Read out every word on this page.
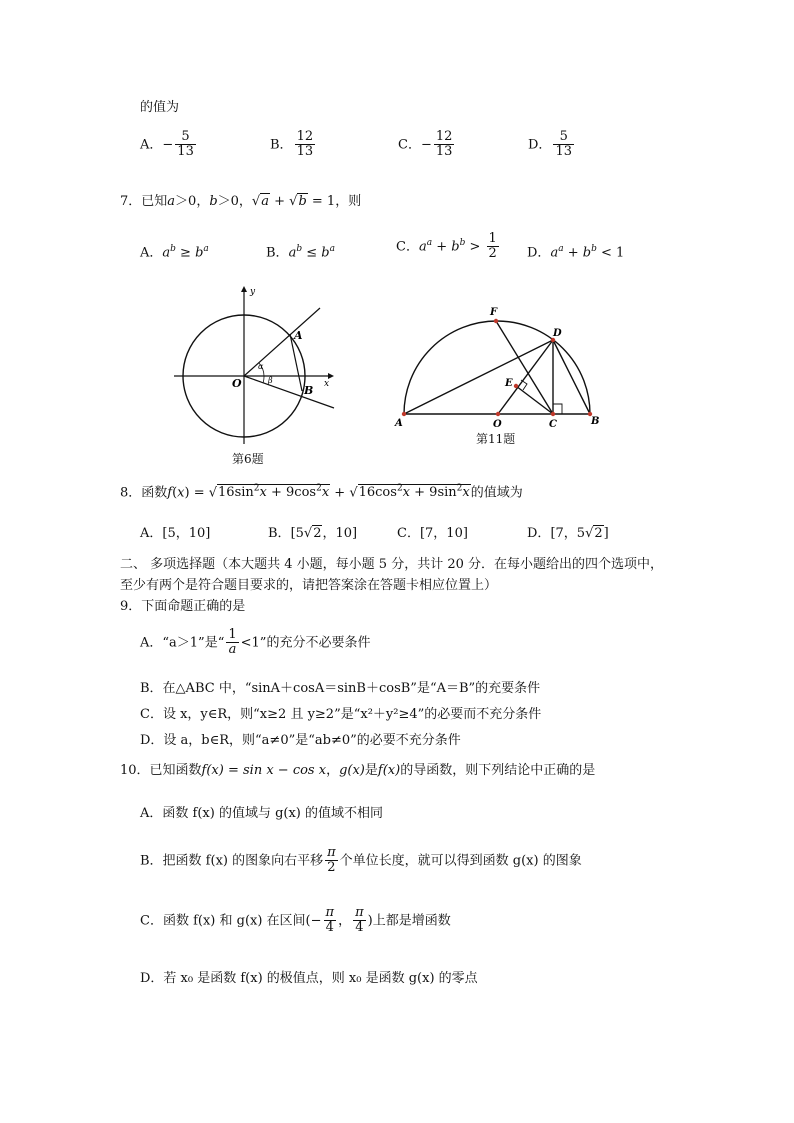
的值为
A．− $\frac{5}{13}$	B． $\frac{12}{13}$	C．− $\frac{12}{13}$	D． $\frac{5}{13}$
7．已知a＞0，b＞0，√a + √b = 1，则
A．$a^b \ge b^a$	B．$a^b \le b^a$	C．$a^a + b^b > \frac{1}{2}$ D．$a^a + b^b < 1$
y
x
O
A
B
α
β
第6题
F
D
E
A	O	C	B
第11题
8．函数$f(x) = √16\sin^2x + 9\cos^2x + √16\cos^2x + 9\sin^2x$的值域为
A．[5，10]	B．[5√2，10]	C．[7，10]	D．[7，5√2]
二、 多项选择题（本大题共 4 小题，每小题 5 分，共计 20 分．在每小题给出的四个选项中，
至少有两个是符合题目要求的，请把答案涂在答题卡相应位置上）
9．下面命题正确的是
A．“a＞1”是“ $\frac{1}{a} <1$”的充分不必要条件
B．在△ABC 中，“sinA＋cosA＝sinB＋cosB”是“A＝B”的充要条件
C．设 x，y∈R，则“x≥2 且 y≥2”是“x²＋y²≥4”的必要而不充分条件
D．设 a，b∈R，则“a≠0”是“ab≠0”的必要不充分条件
10．已知函数f(x) = sin x − cos x，g(x)是f(x)的导函数，则下列结论中正确的是
A．函数 f(x) 的值域与 g(x) 的值域不相同
B．把函数 f(x) 的图象向右平移 $\frac{\pi}{2}$ 个单位长度，就可以得到函数 g(x) 的图象
C．函数 f(x) 和 g(x) 在区间(− $\frac{\pi}{4}$ ， $\frac{\pi}{4}$ )上都是增函数
D．若 x₀ 是函数 f(x) 的极值点，则 x₀ 是函数 g(x) 的零点
